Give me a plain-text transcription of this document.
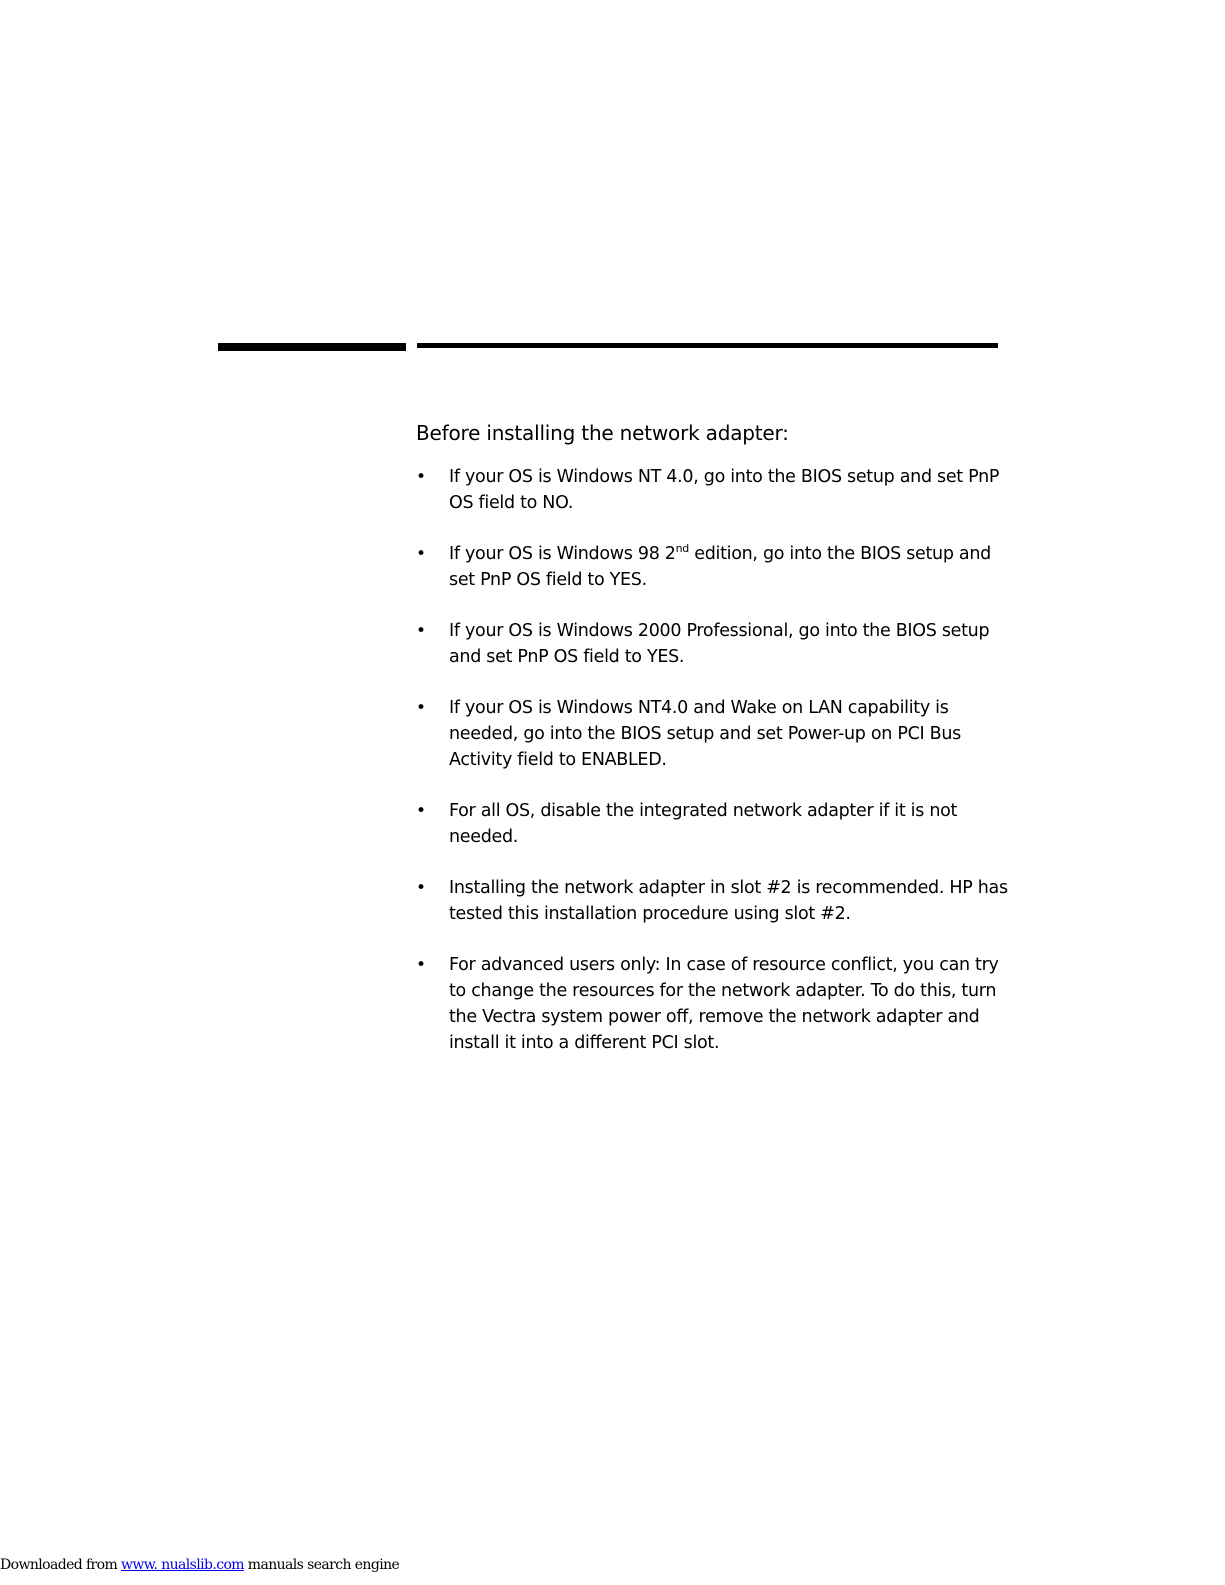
Before installing the network adapter:

• If your OS is Windows NT 4.0, go into the BIOS setup and set PnP OS field to NO.
• If your OS is Windows 98 2nd edition, go into the BIOS setup and set PnP OS field to YES.
• If your OS is Windows 2000 Professional, go into the BIOS setup and set PnP OS field to YES.
• If your OS is Windows NT4.0 and Wake on LAN capability is needed, go into the BIOS setup and set Power-up on PCI Bus Activity field to ENABLED.
• For all OS, disable the integrated network adapter if it is not needed.
• Installing the network adapter in slot #2 is recommended. HP has tested this installation procedure using slot #2.
• For advanced users only: In case of resource conflict, you can try to change the resources for the network adapter. To do this, turn the Vectra system power off, remove the network adapter and install it into a different PCI slot.
Downloaded from www. nualslib.com manuals search engine
